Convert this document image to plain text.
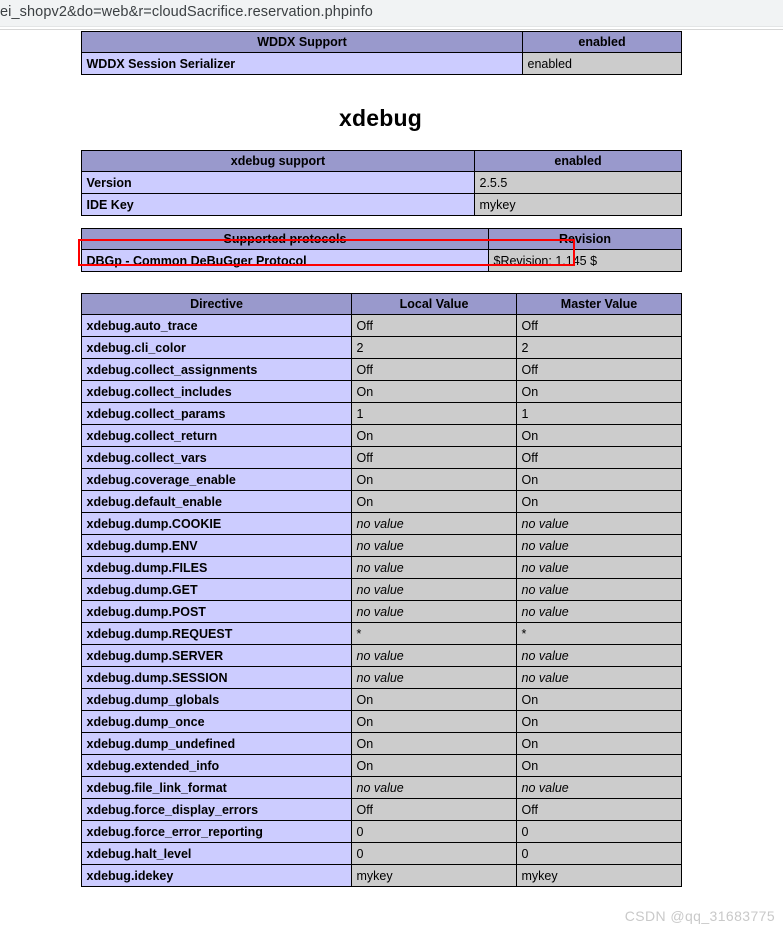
ei_shopv2&do=web&r=cloudSacrifice.reservation.phpinfo
WDDX Support	enabled
WDDX Session Serializer	enabled
xdebug
xdebug support	enabled
Version	2.5.5
IDE Key	mykey
Supported protocols	Revision
DBGp - Common DeBuGger Protocol	$Revision: 1.145 $
Directive	Local Value	Master Value
xdebug.auto_trace	Off	Off
xdebug.cli_color	2	2
xdebug.collect_assignments	Off	Off
xdebug.collect_includes	On	On
xdebug.collect_params	1	1
xdebug.collect_return	On	On
xdebug.collect_vars	Off	Off
xdebug.coverage_enable	On	On
xdebug.default_enable	On	On
xdebug.dump.COOKIE	no value	no value
xdebug.dump.ENV	no value	no value
xdebug.dump.FILES	no value	no value
xdebug.dump.GET	no value	no value
xdebug.dump.POST	no value	no value
xdebug.dump.REQUEST	*	*
xdebug.dump.SERVER	no value	no value
xdebug.dump.SESSION	no value	no value
xdebug.dump_globals	On	On
xdebug.dump_once	On	On
xdebug.dump_undefined	On	On
xdebug.extended_info	On	On
xdebug.file_link_format	no value	no value
xdebug.force_display_errors	Off	Off
xdebug.force_error_reporting	0	0
xdebug.halt_level	0	0
xdebug.idekey	mykey	mykey
CSDN @qq_31683775
